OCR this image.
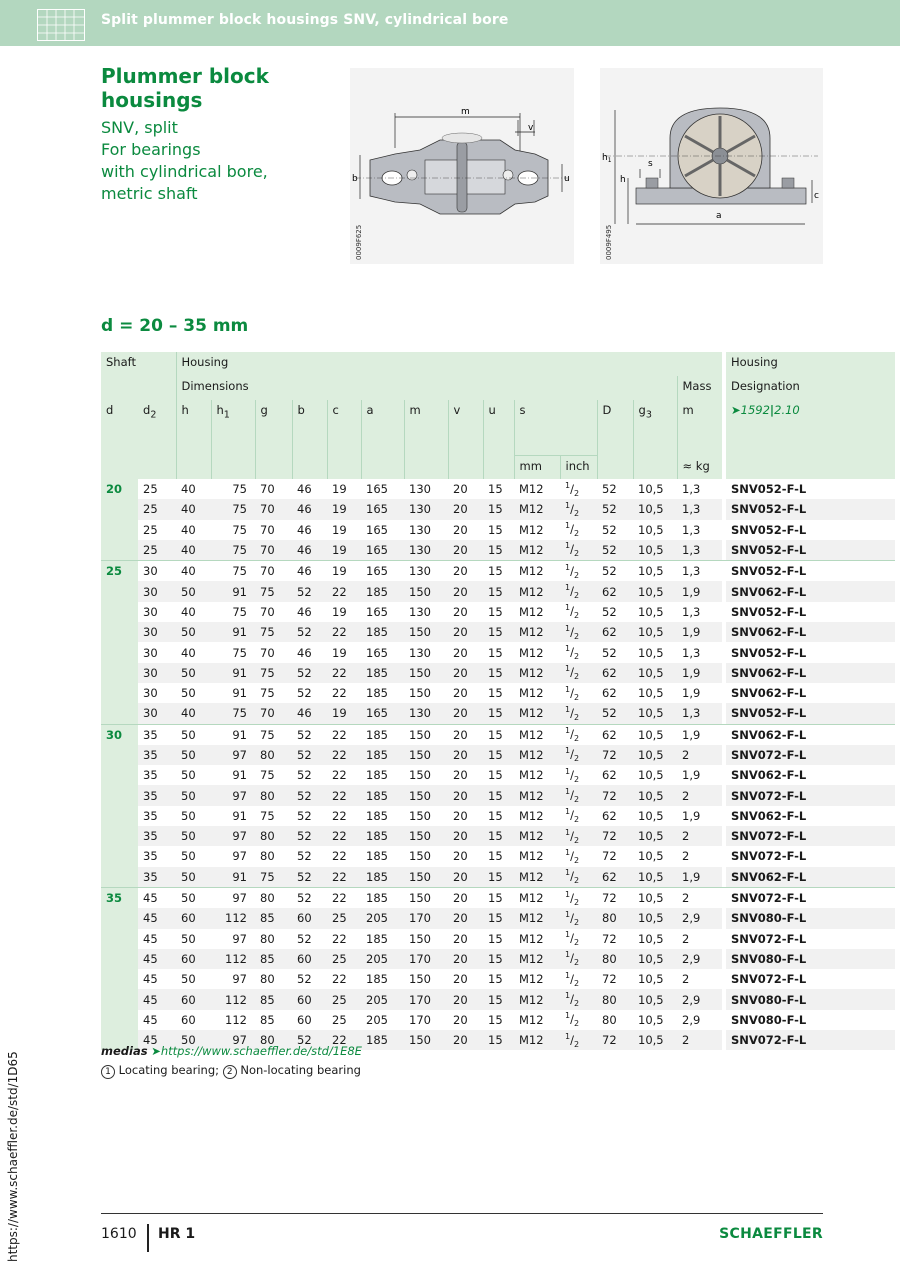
Split plummer block housings SNV, cylindrical bore
Plummer block housings
SNV, split
For bearings
with cylindrical bore,
metric shaft
m
v
b	u
0009F625
$h_1$	s
h
c
a
0009F495
d = 20 – 35 mm
Shaft		Housing															Housing
		Dimensions													Mass		Designation
d	$d_2$	h	$h_1$	g	b	c	a	m	v	u	s		D	$g_3$	m		➤1592|2.10
											mm	inch			≈ kg		
20	25	40	75	70	46	19	165	130	20	15	M12	$^1/_2$	52	10,5	1,3		SNV052-F-L
	25	40	75	70	46	19	165	130	20	15	M12	$^1/_2$	52	10,5	1,3		SNV052-F-L
	25	40	75	70	46	19	165	130	20	15	M12	$^1/_2$	52	10,5	1,3		SNV052-F-L
	25	40	75	70	46	19	165	130	20	15	M12	$^1/_2$	52	10,5	1,3		SNV052-F-L
25	30	40	75	70	46	19	165	130	20	15	M12	$^1/_2$	52	10,5	1,3		SNV052-F-L
	30	50	91	75	52	22	185	150	20	15	M12	$^1/_2$	62	10,5	1,9		SNV062-F-L
	30	40	75	70	46	19	165	130	20	15	M12	$^1/_2$	52	10,5	1,3		SNV052-F-L
	30	50	91	75	52	22	185	150	20	15	M12	$^1/_2$	62	10,5	1,9		SNV062-F-L
	30	40	75	70	46	19	165	130	20	15	M12	$^1/_2$	52	10,5	1,3		SNV052-F-L
	30	50	91	75	52	22	185	150	20	15	M12	$^1/_2$	62	10,5	1,9		SNV062-F-L
	30	50	91	75	52	22	185	150	20	15	M12	$^1/_2$	62	10,5	1,9		SNV062-F-L
	30	40	75	70	46	19	165	130	20	15	M12	$^1/_2$	52	10,5	1,3		SNV052-F-L
30	35	50	91	75	52	22	185	150	20	15	M12	$^1/_2$	62	10,5	1,9		SNV062-F-L
	35	50	97	80	52	22	185	150	20	15	M12	$^1/_2$	72	10,5	2		SNV072-F-L
	35	50	91	75	52	22	185	150	20	15	M12	$^1/_2$	62	10,5	1,9		SNV062-F-L
	35	50	97	80	52	22	185	150	20	15	M12	$^1/_2$	72	10,5	2		SNV072-F-L
	35	50	91	75	52	22	185	150	20	15	M12	$^1/_2$	62	10,5	1,9		SNV062-F-L
	35	50	97	80	52	22	185	150	20	15	M12	$^1/_2$	72	10,5	2		SNV072-F-L
	35	50	97	80	52	22	185	150	20	15	M12	$^1/_2$	72	10,5	2		SNV072-F-L
	35	50	91	75	52	22	185	150	20	15	M12	$^1/_2$	62	10,5	1,9		SNV062-F-L
35	45	50	97	80	52	22	185	150	20	15	M12	$^1/_2$	72	10,5	2		SNV072-F-L
	45	60	112	85	60	25	205	170	20	15	M12	$^1/_2$	80	10,5	2,9		SNV080-F-L
	45	50	97	80	52	22	185	150	20	15	M12	$^1/_2$	72	10,5	2		SNV072-F-L
	45	60	112	85	60	25	205	170	20	15	M12	$^1/_2$	80	10,5	2,9		SNV080-F-L
	45	50	97	80	52	22	185	150	20	15	M12	$^1/_2$	72	10,5	2		SNV072-F-L
	45	60	112	85	60	25	205	170	20	15	M12	$^1/_2$	80	10,5	2,9		SNV080-F-L
	45	60	112	85	60	25	205	170	20	15	M12	$^1/_2$	80	10,5	2,9		SNV080-F-L
	45	50	97	80	52	22	185	150	20	15	M12	$^1/_2$	72	10,5	2		SNV072-F-L
medias ➤https://www.schaeffler.de/std/1E8E
1 Locating bearing; 2 Non-locating bearing
1610 HR 1	SCHAEFFLER
https://www.schaeffler.de/std/1D65
